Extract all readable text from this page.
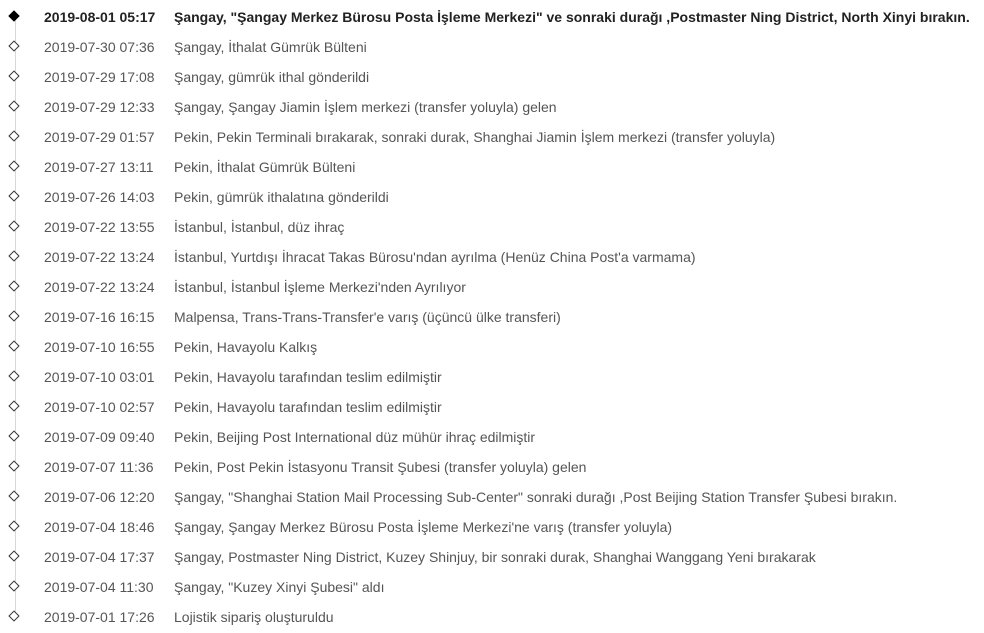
2019-08-01 05:17 Şangay, "Şangay Merkez Bürosu Posta İşleme Merkezi" ve sonraki durağı ,Postmaster Ning District, North Xinyi bırakın.
2019-07-30 07:36 Şangay, İthalat Gümrük Bülteni
2019-07-29 17:08 Şangay, gümrük ithal gönderildi
2019-07-29 12:33 Şangay, Şangay Jiamin İşlem merkezi (transfer yoluyla) gelen
2019-07-29 01:57 Pekin, Pekin Terminali bırakarak, sonraki durak, Shanghai Jiamin İşlem merkezi (transfer yoluyla)
2019-07-27 13:11 Pekin, İthalat Gümrük Bülteni
2019-07-26 14:03 Pekin, gümrük ithalatına gönderildi
2019-07-22 13:55 İstanbul, İstanbul, düz ihraç
2019-07-22 13:24 İstanbul, Yurtdışı İhracat Takas Bürosu'ndan ayrılma (Henüz China Post'a varmama)
2019-07-22 13:24 İstanbul, İstanbul İşleme Merkezi'nden Ayrılıyor
2019-07-16 16:15 Malpensa, Trans-Trans-Transfer'e varış (üçüncü ülke transferi)
2019-07-10 16:55 Pekin, Havayolu Kalkış
2019-07-10 03:01 Pekin, Havayolu tarafından teslim edilmiştir
2019-07-10 02:57 Pekin, Havayolu tarafından teslim edilmiştir
2019-07-09 09:40 Pekin, Beijing Post International düz mühür ihraç edilmiştir
2019-07-07 11:36 Pekin, Post Pekin İstasyonu Transit Şubesi (transfer yoluyla) gelen
2019-07-06 12:20 Şangay, "Shanghai Station Mail Processing Sub-Center" sonraki durağı ,Post Beijing Station Transfer Şubesi bırakın.
2019-07-04 18:46 Şangay, Şangay Merkez Bürosu Posta İşleme Merkezi'ne varış (transfer yoluyla)
2019-07-04 17:37 Şangay, Postmaster Ning District, Kuzey Shinjuy, bir sonraki durak, Shanghai Wanggang Yeni bırakarak
2019-07-04 11:30 Şangay, "Kuzey Xinyi Şubesi" aldı
2019-07-01 17:26 Lojistik sipariş oluşturuldu
